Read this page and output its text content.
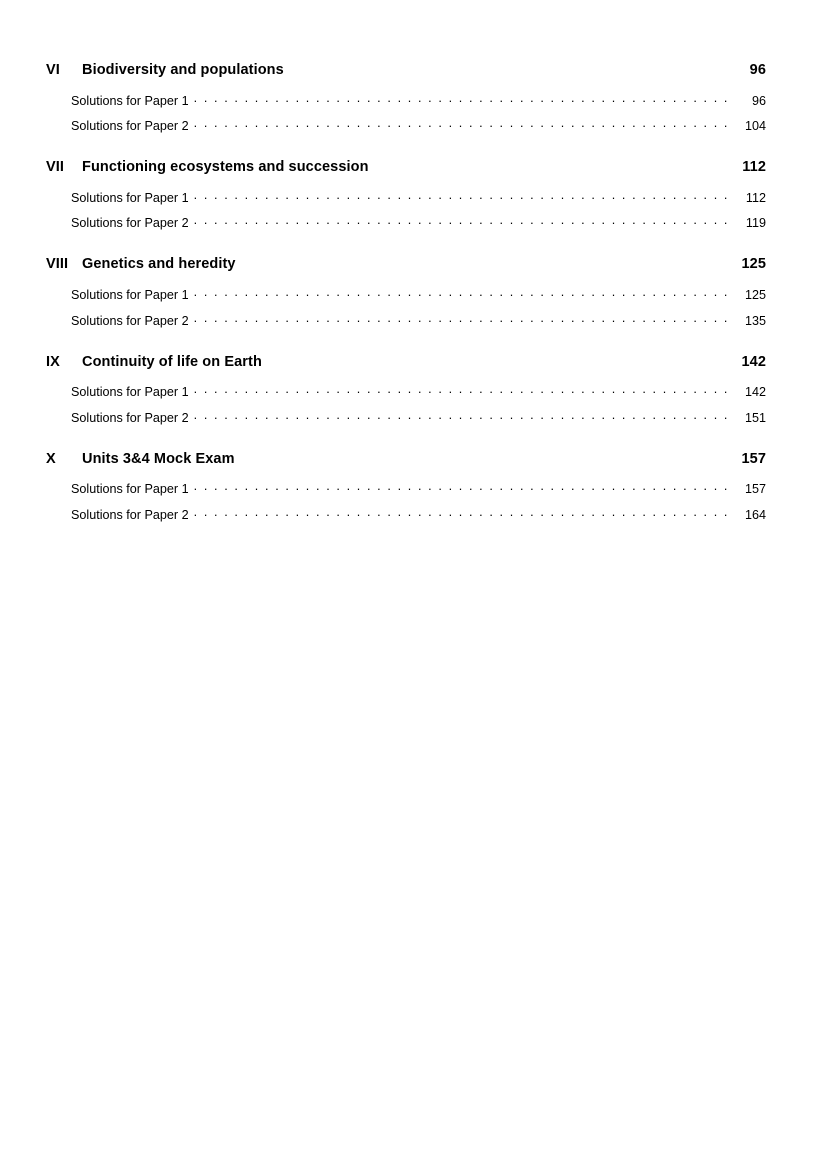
VI	Biodiversity and populations	96
Solutions for Paper 1 . . .	96
Solutions for Paper 2 . . .	104
VII	Functioning ecosystems and succession	112
Solutions for Paper 1 . . .	112
Solutions for Paper 2 . . .	119
VIII Genetics and heredity	125
Solutions for Paper 1 . . .	125
Solutions for Paper 2 . . .	135
IX	Continuity of life on Earth	142
Solutions for Paper 1 . . .	142
Solutions for Paper 2 . . .	151
X	Units 3&4 Mock Exam	157
Solutions for Paper 1 . . .	157
Solutions for Paper 2 . . .	164
